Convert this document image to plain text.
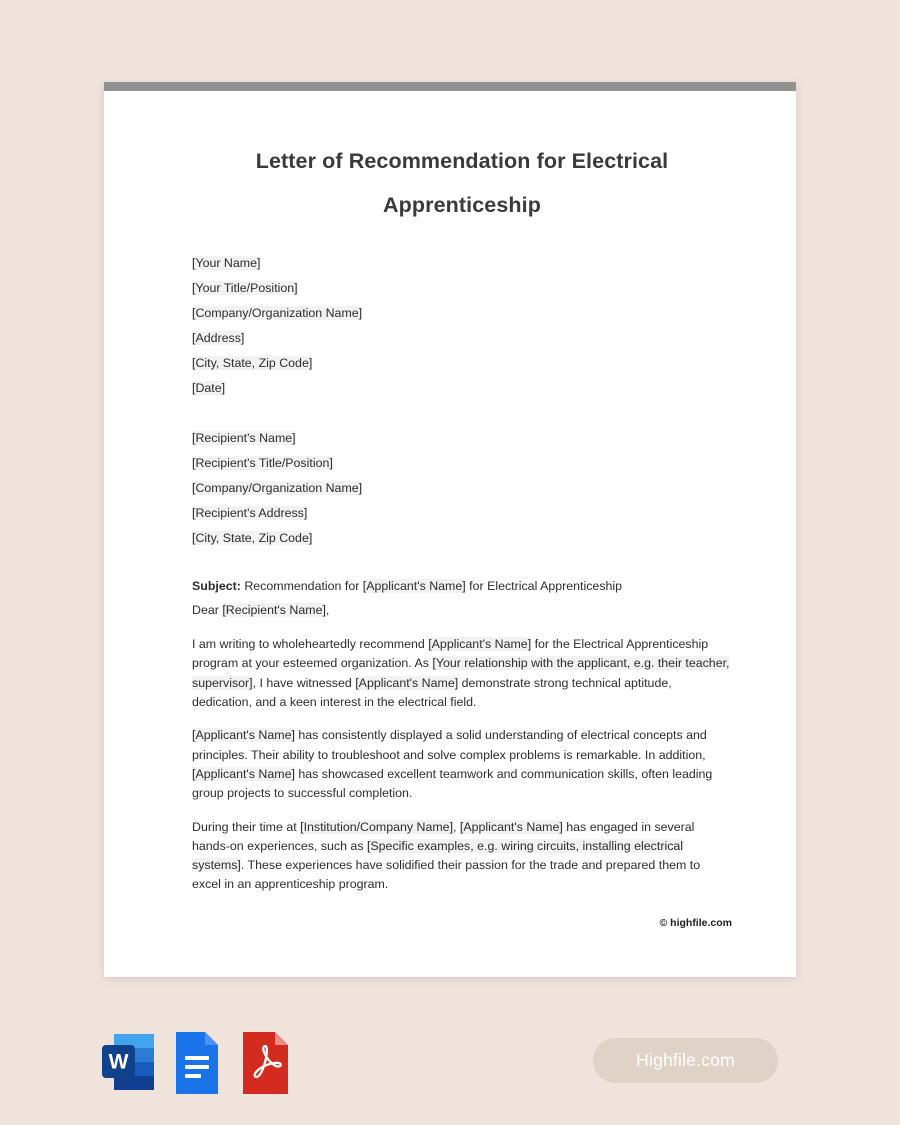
Letter of Recommendation for Electrical Apprenticeship
[Your Name]
[Your Title/Position]
[Company/Organization Name]
[Address]
[City, State, Zip Code]
[Date]
[Recipient's Name]
[Recipient's Title/Position]
[Company/Organization Name]
[Recipient's Address]
[City, State, Zip Code]
Subject: Recommendation for [Applicant's Name] for Electrical Apprenticeship
Dear [Recipient's Name],

I am writing to wholeheartedly recommend [Applicant's Name] for the Electrical Apprenticeship program at your esteemed organization. As [Your relationship with the applicant, e.g. their teacher, supervisor], I have witnessed [Applicant's Name] demonstrate strong technical aptitude, dedication, and a keen interest in the electrical field.

[Applicant's Name] has consistently displayed a solid understanding of electrical concepts and principles. Their ability to troubleshoot and solve complex problems is remarkable. In addition, [Applicant's Name] has showcased excellent teamwork and communication skills, often leading group projects to successful completion.

During their time at [Institution/Company Name], [Applicant's Name] has engaged in several hands-on experiences, such as [Specific examples, e.g. wiring circuits, installing electrical systems]. These experiences have solidified their passion for the trade and prepared them to excel in an apprenticeship program.

© highfile.com
W	Highfile.com
